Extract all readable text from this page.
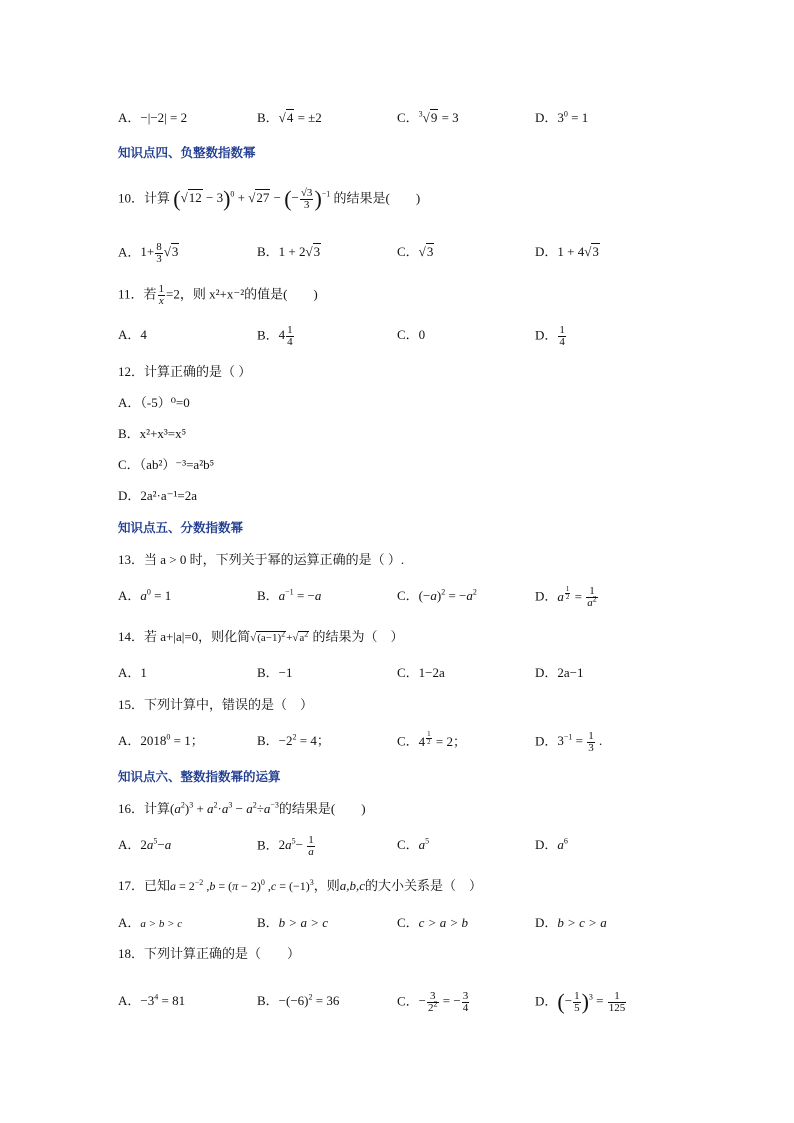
A．−|−2| = 2	B．√4 = ±2	C．$^3$√9 = 3	D．$3^0 = 1$
知识点四、负整数指数幂
10．计算 $(√12 - 3)^0 + √27$ − (− $\frac{√3}{3} )^{-1}$ 的结果是(　　)
A．$1+ \frac{8}{3} √3$	B．1 + 2√3	C．√3	D．1 + 4√3
11．若 $\frac{1}{x} =2$，则 x²+x⁻²的值是(　　)
A．4	B．$4 \frac{1}{4}$	C．0	D． $\frac{1}{4}$
12．计算正确的是（ ）
A．（-5）⁰=0
B．x²+x³=x⁵
C．（ab²）⁻³=a²b⁵
D．2a²·a⁻¹=2a
知识点五、分数指数幂
13．当 a > 0 时，下列关于幂的运算正确的是（ ）.
A．$a^0 = 1$	B．$a^{-1} = -a$	C．$(-a)^2 = -a^2$	D．a $^{\frac{1}{2}} = \frac{1}{a^2}$
14．若 a+|a|=0，则化简$√(a-1)^2+√a^2$ 的结果为（　）
A．1	B．−1	C．1−2a	D．2a−1
15．下列计算中，错误的是（　）
A．$2018^0 = 1$；	B．$-2^2 = 4$；	C．4 $^{\frac{1}{2}}$ = 2；	D．$3^{-1} = \frac{1}{3}$ .
知识点六、整数指数幂的运算
16．计算$(a^2)^3 + a^2\cdot a^3 - a^2\div a^{-3}$的结果是(　　)
A．$2a^5-a$	B．$2a^5- \frac{1}{a}$	C．$a^5$	D．$a^6$
17．已知$a = 2^{-2}$ $,b = (\pi - 2)^0$ $,c = (-1)^3$，则a,b,c的大小关系是（　）
A．a > b > c	B．b > a > c	C．c > a > b	D．b > c > a
18．下列计算正确的是（　　）
A．$-3^4 = 81$	B．$-(-6)^2 = 36$	C．− $\frac{3}{2^2}$ = − $\frac{3}{4}$	D．(− $\frac{1}{5} )^3 = \frac{1}{125}$
